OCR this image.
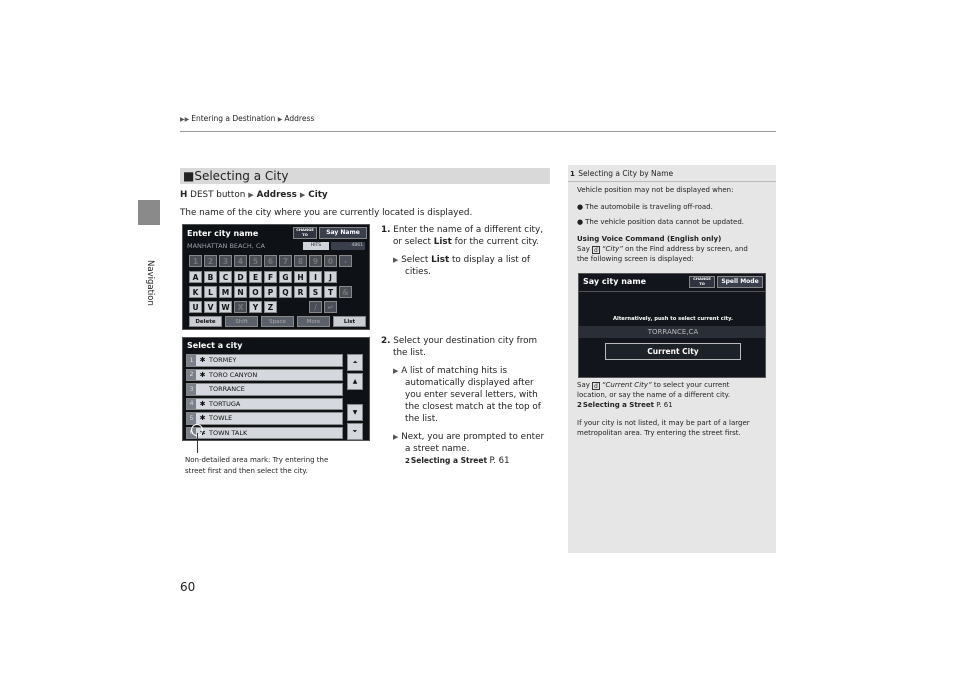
▶▶ Entering a Destination ▶ Address
Navigation
60
■Selecting a City
H DEST button ▶ Address ▶ City
The name of the city where you are currently located is displayed.
1. Enter the name of a different city,
or select List for the current city.
▶ Select List to display a list of
cities.
2. Select your destination city from
the list.
▶ A list of matching hits is
automatically displayed after
you enter several letters, with
the closest match at the top of
the list.
▶ Next, you are prompted to enter
a street name.
2Selecting a Street P. 61
Enter city name	CHANGE
TO	Say Name
MANHATTAN BEACH, CA	HITS	4861
1	2	3	4	5	6	7	8	9	0	-
A	B	C	D	E	F	G	H	I	J
K	L	M	N	O	P	Q	R	S	T	&
U	V	W	X	Y	Z	/	↵
Delete	Shift	Space	More	List
Select a city
1 ✱ TORMEY
2 ✱ TORO CANYON
3	TORRANCE
4 ✱ TORTUGA
5 ✱ TOWLE
6 ✱ TOWN TALK
⏶
▲
▼
⏷
Non-detailed area mark: Try entering the
street first and then select the city.
1 Selecting a City by Name
Vehicle position may not be displayed when:
● The automobile is traveling off-road.
● The vehicle position data cannot be updated.
Using Voice Command (English only)
Say d “City” on the Find address by screen, and
the following screen is displayed:
Say d “Current City” to select your current
location, or say the name of a different city.
2Selecting a Street P. 61
If your city is not listed, it may be part of a larger
metropolitan area. Try entering the street first.
Say city name	CHANGE
TO	Spell Mode
Alternatively, push to select current city.
TORRANCE,CA
Current City
